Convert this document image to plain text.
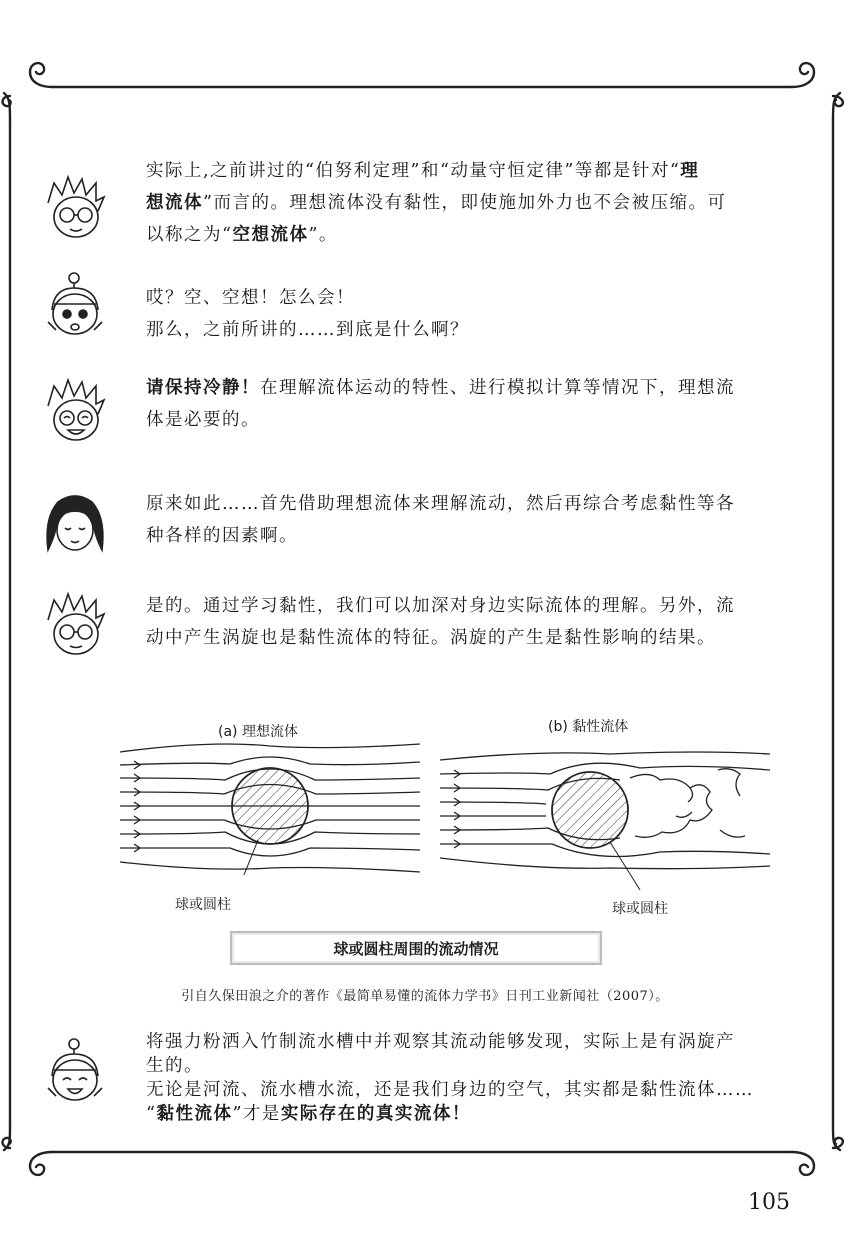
实际上,之前讲过的“伯努利定理”和“动量守恒定律”等都是针对“理
想流体”而言的。理想流体没有黏性，即使施加外力也不会被压缩。可
以称之为“空想流体”。
哎？空、空想！怎么会！
那么，之前所讲的……到底是什么啊？
请保持冷静！在理解流体运动的特性、进行模拟计算等情况下，理想流
体是必要的。
原来如此……首先借助理想流体来理解流动，然后再综合考虑黏性等各
种各样的因素啊。
是的。通过学习黏性，我们可以加深对身边实际流体的理解。另外，流
动中产生涡旋也是黏性流体的特征。涡旋的产生是黏性影响的结果。
(a) 理想流体	(b) 黏性流体
球或圆柱	球或圆柱
球或圆柱周围的流动情况
引自久保田浪之介的著作《最简单易懂的流体力学书》日刊工业新闻社（2007）。
将强力粉洒入竹制流水槽中并观察其流动能够发现，实际上是有涡旋产
生的。
无论是河流、流水槽水流，还是我们身边的空气，其实都是黏性流体……
“黏性流体”才是实际存在的真实流体！
105
